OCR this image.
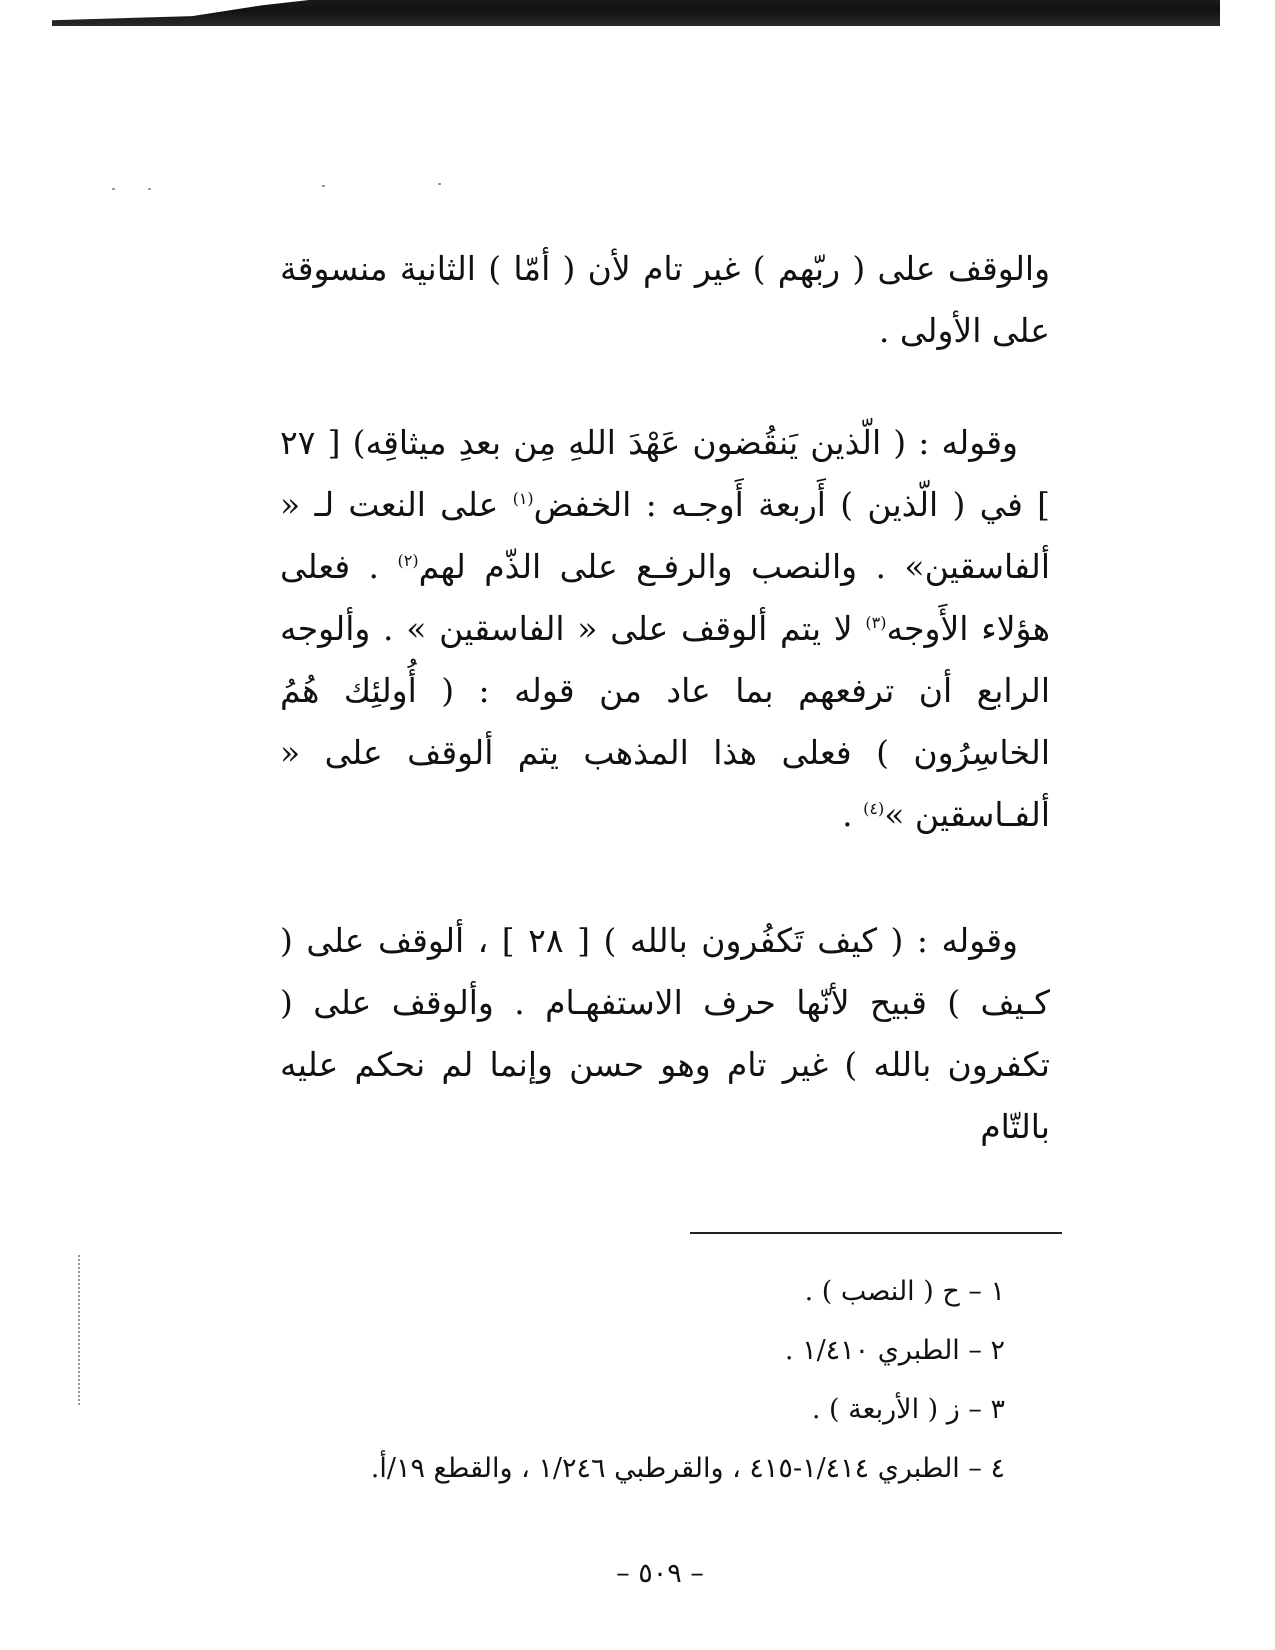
والوقف على ( ربّهم ) غير تام لأن ( أمّا ) الثانية منسوقة على الأولى .

وقوله : ( الّذين يَنقُضون عَهْدَ اللهِ مِن بعدِ ميثاقِه) [ ٢٧ ] في ( الّذين ) أَربعة أَوجـه : الخفض$^{(١)}$ على النعت لـ « ألفاسقين» . والنصب والرفـع على الذّم لهم$^{(٢)}$ . فعلى هؤلاء الأَوجه$^{(٣)}$ لا يتم ألوقف على « الفاسقين » . وألوجه الرابع أن ترفعهم بما عاد من قوله : ( أُولئِك هُمُ الخاسِرُون ) فعلى هذا المذهب يتم ألوقف على « ألفـاسقين »$^{(٤)}$ .

وقوله : ( كيف تَكفُرون بالله ) [ ٢٨ ] ، ألوقف على ( كـيف ) قبيح لأنّها حرف الاستفهـام . وألوقف على ( تكفرون بالله ) غير تام وهو حسن وإنما لم نحكم عليه بالتّام

١ – ح ( النصب ) .
٢ – الطبري ١/٤١٠ .
٣ – ز ( الأربعة ) .
٤ – الطبري ١/٤١٤-٤١٥ ، والقرطبي ١/٢٤٦ ، والقطع ١٩/أ.
– ٥٠٩ –
